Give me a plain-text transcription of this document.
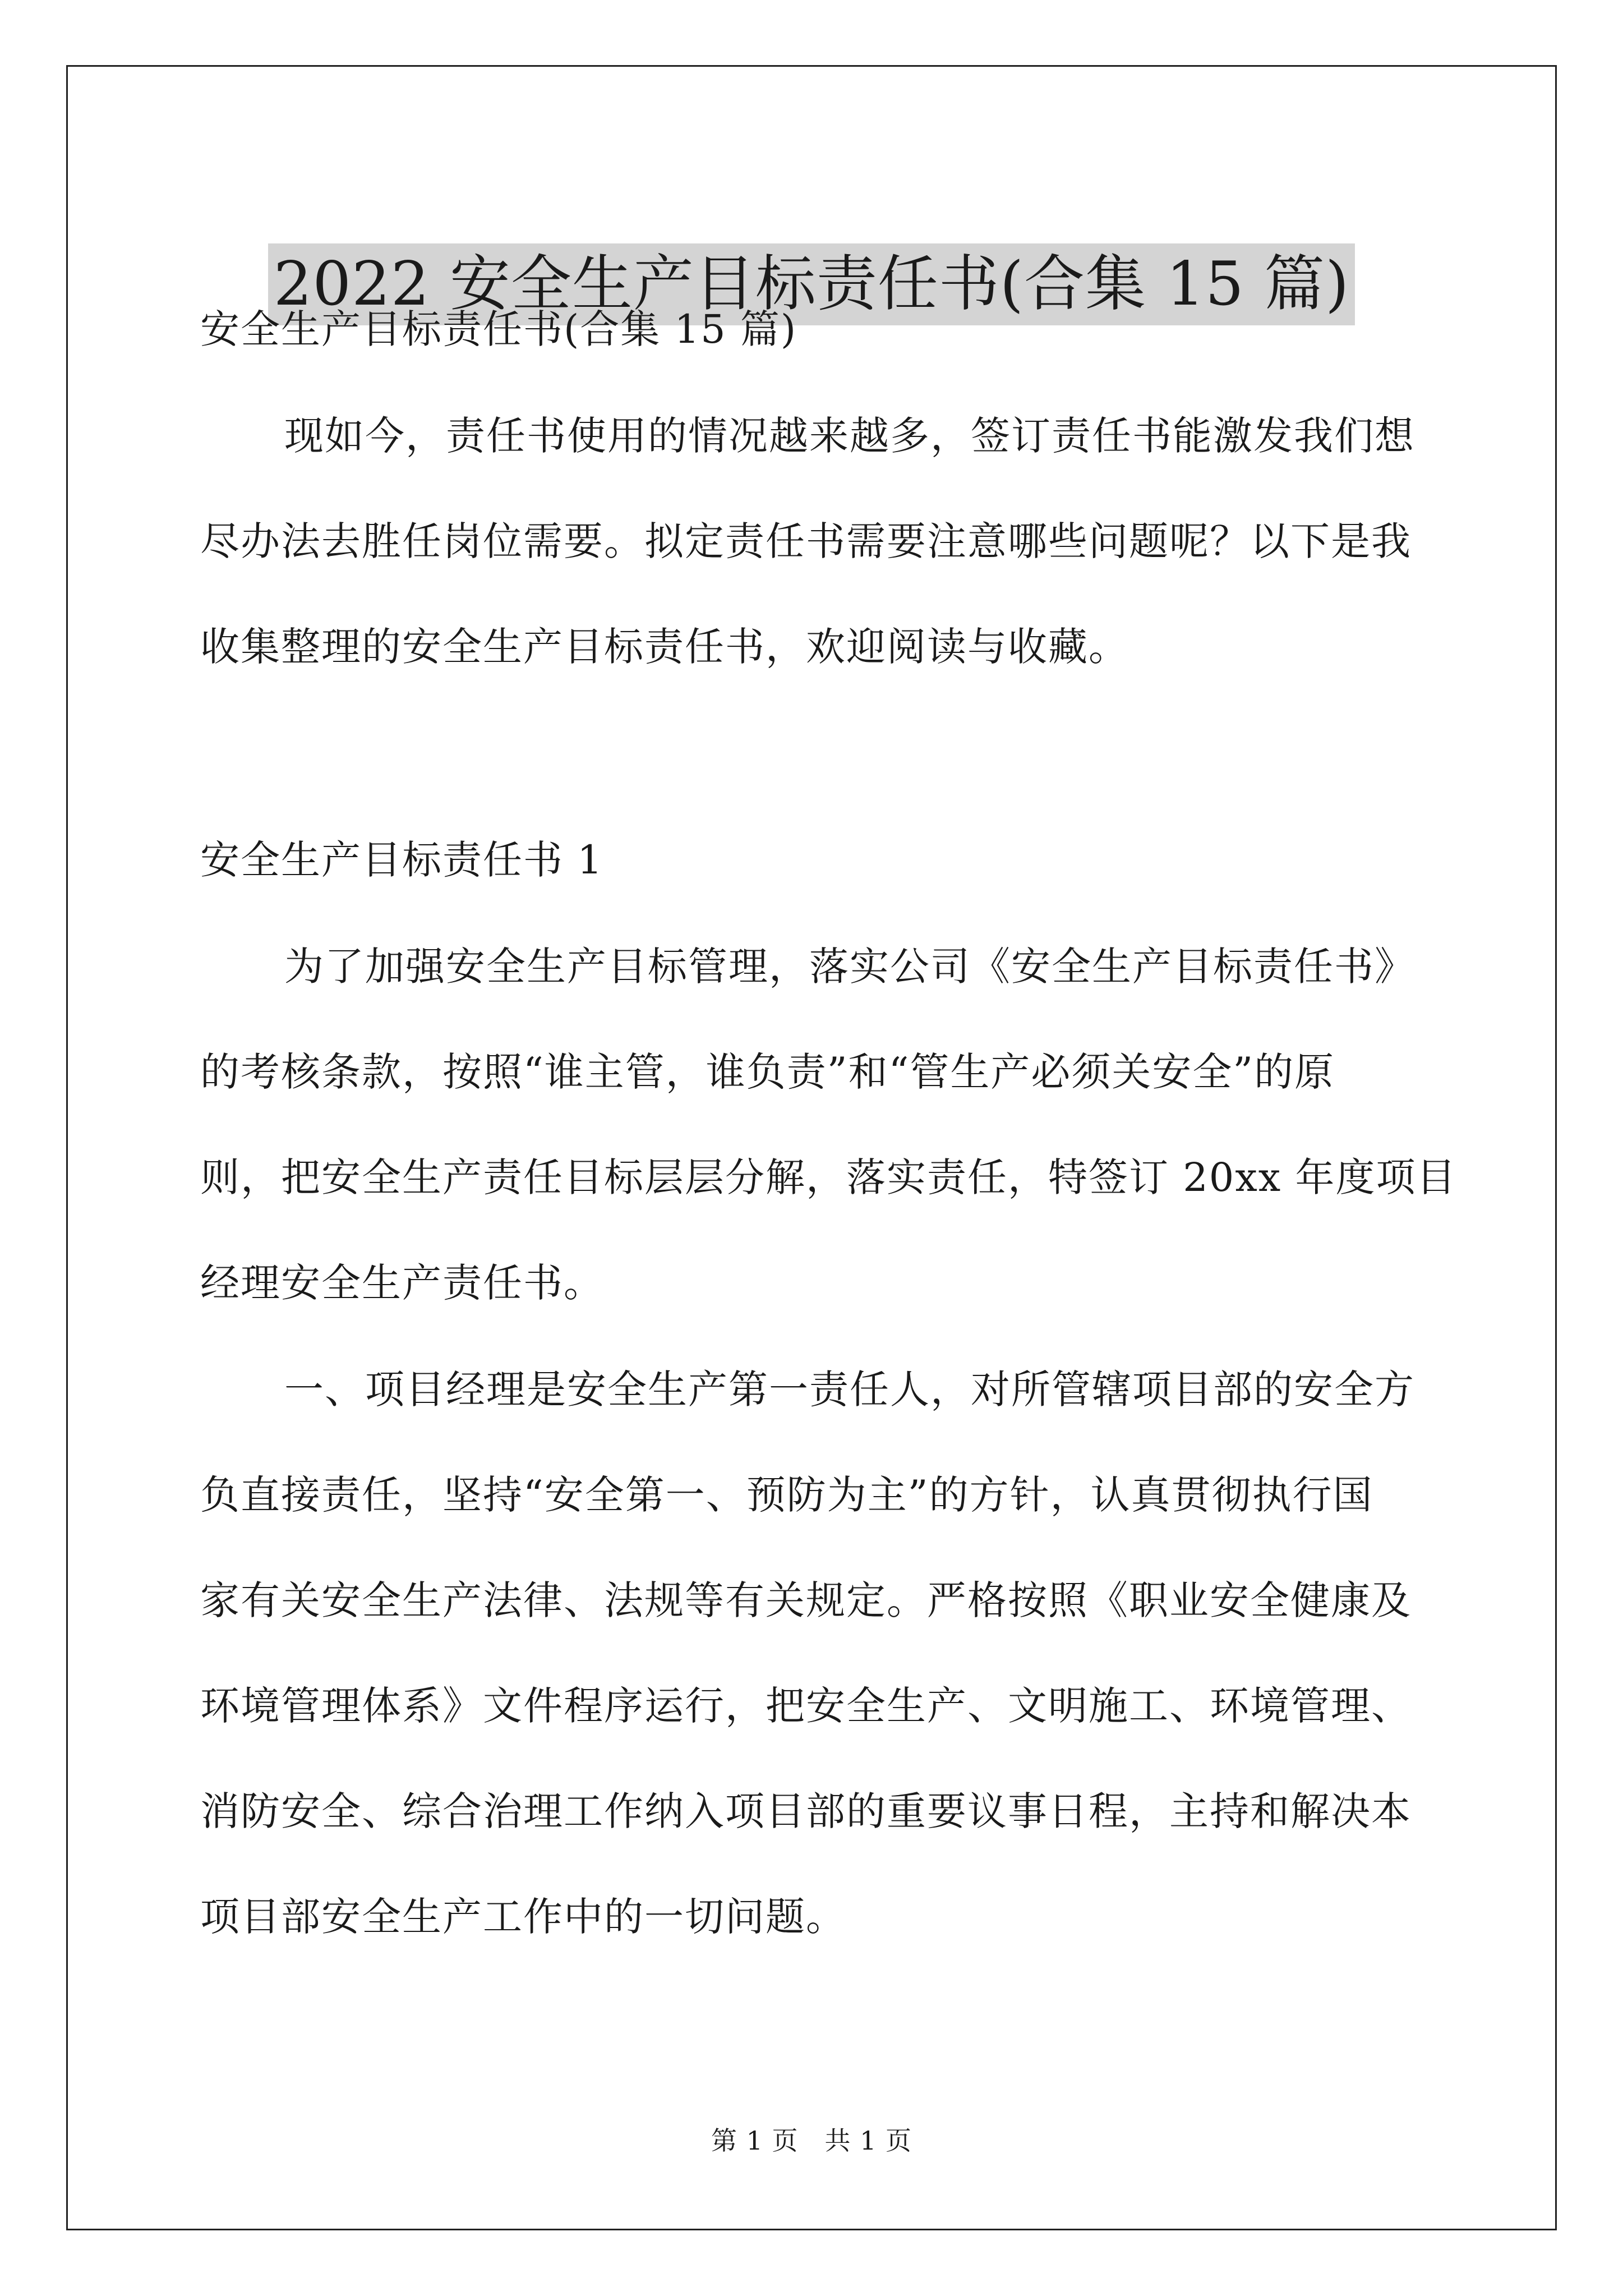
2022 安全生产目标责任书(合集 15 篇)

安全生产目标责任书(合集 15 篇)

现如今，责任书使用的情况越来越多，签订责任书能激发我们想

尽办法去胜任岗位需要。拟定责任书需要注意哪些问题呢？以下是我

收集整理的安全生产目标责任书，欢迎阅读与收藏。

安全生产目标责任书 1

为了加强安全生产目标管理，落实公司《安全生产目标责任书》

的考核条款，按照“谁主管，谁负责”和“管生产必须关安全”的原

则，把安全生产责任目标层层分解，落实责任，特签订 20xx 年度项目

经理安全生产责任书。

一、项目经理是安全生产第一责任人，对所管辖项目部的安全方

负直接责任，坚持“安全第一、预防为主”的方针，认真贯彻执行国

家有关安全生产法律、法规等有关规定。严格按照《职业安全健康及

环境管理体系》文件程序运行，把安全生产、文明施工、环境管理、

消防安全、综合治理工作纳入项目部的重要议事日程，主持和解决本

项目部安全生产工作中的一切问题。

第 1 页　共 1 页
